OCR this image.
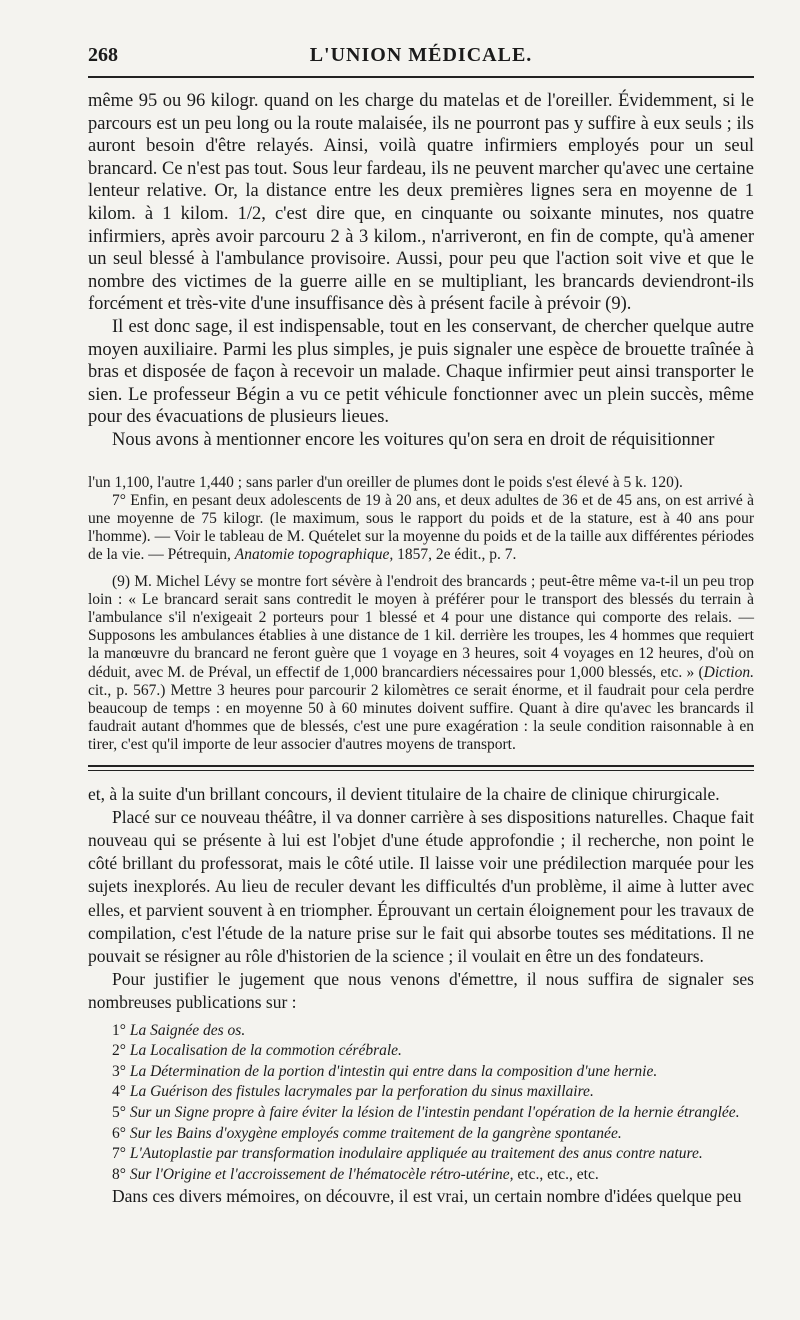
268	L'UNION MÉDICALE.

même 95 ou 96 kilogr. quand on les charge du matelas et de l'oreiller. Évidemment, si le parcours est un peu long ou la route malaisée, ils ne pourront pas y suffire à eux seuls ; ils auront besoin d'être relayés. Ainsi, voilà quatre infirmiers employés pour un seul brancard. Ce n'est pas tout. Sous leur fardeau, ils ne peuvent marcher qu'avec une certaine lenteur relative. Or, la distance entre les deux premières lignes sera en moyenne de 1 kilom. à 1 kilom. 1/2, c'est dire que, en cinquante ou soixante minutes, nos quatre infirmiers, après avoir parcouru 2 à 3 kilom., n'arriveront, en fin de compte, qu'à amener un seul blessé à l'ambulance provisoire. Aussi, pour peu que l'action soit vive et que le nombre des victimes de la guerre aille en se multipliant, les brancards deviendront-ils forcément et très-vite d'une insuffisance dès à présent facile à prévoir (9).

Il est donc sage, il est indispensable, tout en les conservant, de chercher quelque autre moyen auxiliaire. Parmi les plus simples, je puis signaler une espèce de brouette traînée à bras et disposée de façon à recevoir un malade. Chaque infirmier peut ainsi transporter le sien. Le professeur Bégin a vu ce petit véhicule fonctionner avec un plein succès, même pour des évacuations de plusieurs lieues.

Nous avons à mentionner encore les voitures qu'on sera en droit de réquisitionner

l'un 1,100, l'autre 1,440 ; sans parler d'un oreiller de plumes dont le poids s'est élevé à 5 k. 120).

7° Enfin, en pesant deux adolescents de 19 à 20 ans, et deux adultes de 36 et de 45 ans, on est arrivé à une moyenne de 75 kilogr. (le maximum, sous le rapport du poids et de la stature, est à 40 ans pour l'homme). — Voir le tableau de M. Quételet sur la moyenne du poids et de la taille aux différentes périodes de la vie. — Pétrequin, Anatomie topographique, 1857, 2e édit., p. 7.

(9) M. Michel Lévy se montre fort sévère à l'endroit des brancards ; peut-être même va-t-il un peu trop loin : « Le brancard serait sans contredit le moyen à préférer pour le transport des blessés du terrain à l'ambulance s'il n'exigeait 2 porteurs pour 1 blessé et 4 pour une distance qui comporte des relais. — Supposons les ambulances établies à une distance de 1 kil. derrière les troupes, les 4 hommes que requiert la manœuvre du brancard ne feront guère que 1 voyage en 3 heures, soit 4 voyages en 12 heures, d'où on déduit, avec M. de Préval, un effectif de 1,000 brancardiers nécessaires pour 1,000 blessés, etc. » (Diction. cit., p. 567.) Mettre 3 heures pour parcourir 2 kilomètres ce serait énorme, et il faudrait pour cela perdre beaucoup de temps : en moyenne 50 à 60 minutes doivent suffire. Quant à dire qu'avec les brancards il faudrait autant d'hommes que de blessés, c'est une pure exagération : la seule condition raisonnable à en tirer, c'est qu'il importe de leur associer d'autres moyens de transport.

et, à la suite d'un brillant concours, il devient titulaire de la chaire de clinique chirurgicale.

Placé sur ce nouveau théâtre, il va donner carrière à ses dispositions naturelles. Chaque fait nouveau qui se présente à lui est l'objet d'une étude approfondie ; il recherche, non point le côté brillant du professorat, mais le côté utile. Il laisse voir une prédilection marquée pour les sujets inexplorés. Au lieu de reculer devant les difficultés d'un problème, il aime à lutter avec elles, et parvient souvent à en triompher. Éprouvant un certain éloignement pour les travaux de compilation, c'est l'étude de la nature prise sur le fait qui absorbe toutes ses méditations. Il ne pouvait se résigner au rôle d'historien de la science ; il voulait en être un des fondateurs.

Pour justifier le jugement que nous venons d'émettre, il nous suffira de signaler ses nombreuses publications sur :

1° La Saignée des os.
2° La Localisation de la commotion cérébrale.
3° La Détermination de la portion d'intestin qui entre dans la composition d'une hernie.
4° La Guérison des fistules lacrymales par la perforation du sinus maxillaire.
5° Sur un Signe propre à faire éviter la lésion de l'intestin pendant l'opération de la hernie étranglée.
6° Sur les Bains d'oxygène employés comme traitement de la gangrène spontanée.
7° L'Autoplastie par transformation inodulaire appliquée au traitement des anus contre nature.
8° Sur l'Origine et l'accroissement de l'hématocèle rétro-utérine, etc., etc., etc.

Dans ces divers mémoires, on découvre, il est vrai, un certain nombre d'idées quelque peu
